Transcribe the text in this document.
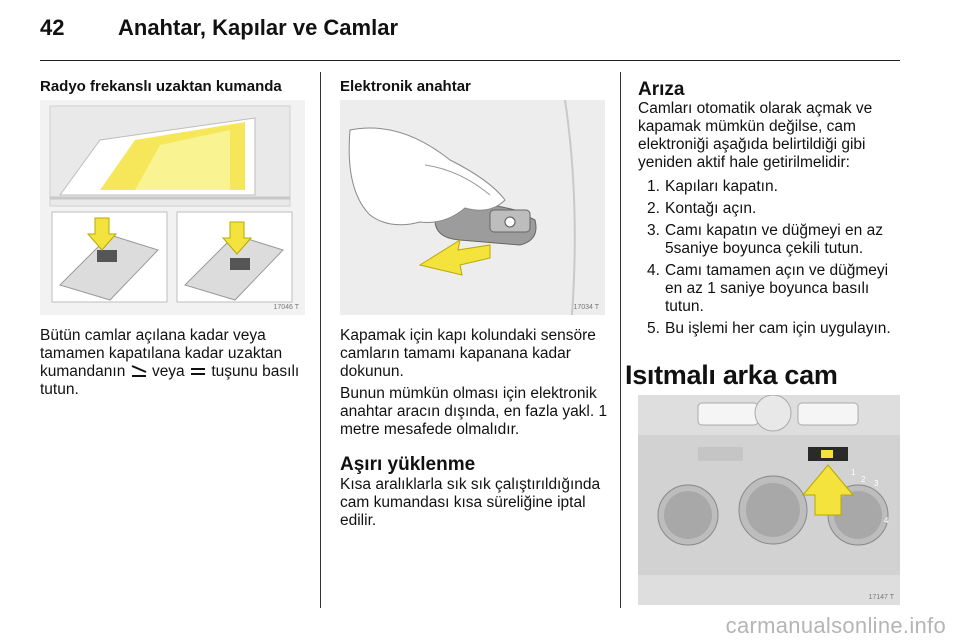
42 Anahtar, Kapılar ve Camlar
Radyo frekanslı uzaktan kumanda
17046 T
Bütün camlar açılana kadar veya
tamamen kapatılana kadar uzaktan
kumandanın veya tuşunu basılı
tutun.
Elektronik anahtar
17034 T

Kapamak için kapı kolundaki sensöre camların tamamı kapanana kadar dokunun.

Bunun mümkün olması için elektronik anahtar aracın dışında, en fazla yakl. 1 metre mesafede olmalıdır.

Aşırı yüklenme

Kısa aralıklarla sık sık çalıştırıldığında cam kumandası kısa süreliğine iptal edilir.

Arıza

Camları otomatik olarak açmak ve kapamak mümkün değilse, cam elektroniği aşağıda belirtildiği gibi yeniden aktif hale getirilmelidir:

1. Kapıları kapatın.
2. Kontağı açın.
3. Camı kapatın ve düğmeyi en az 5saniye boyunca çekili tutun.
4. Camı tamamen açın ve düğmeyi en az 1 saniye boyunca basılı tutun.
5. Bu işlemi her cam için uygulayın.
Isıtmalı arka cam
1
2 3
4
17147 T
carmanualsonline.info
